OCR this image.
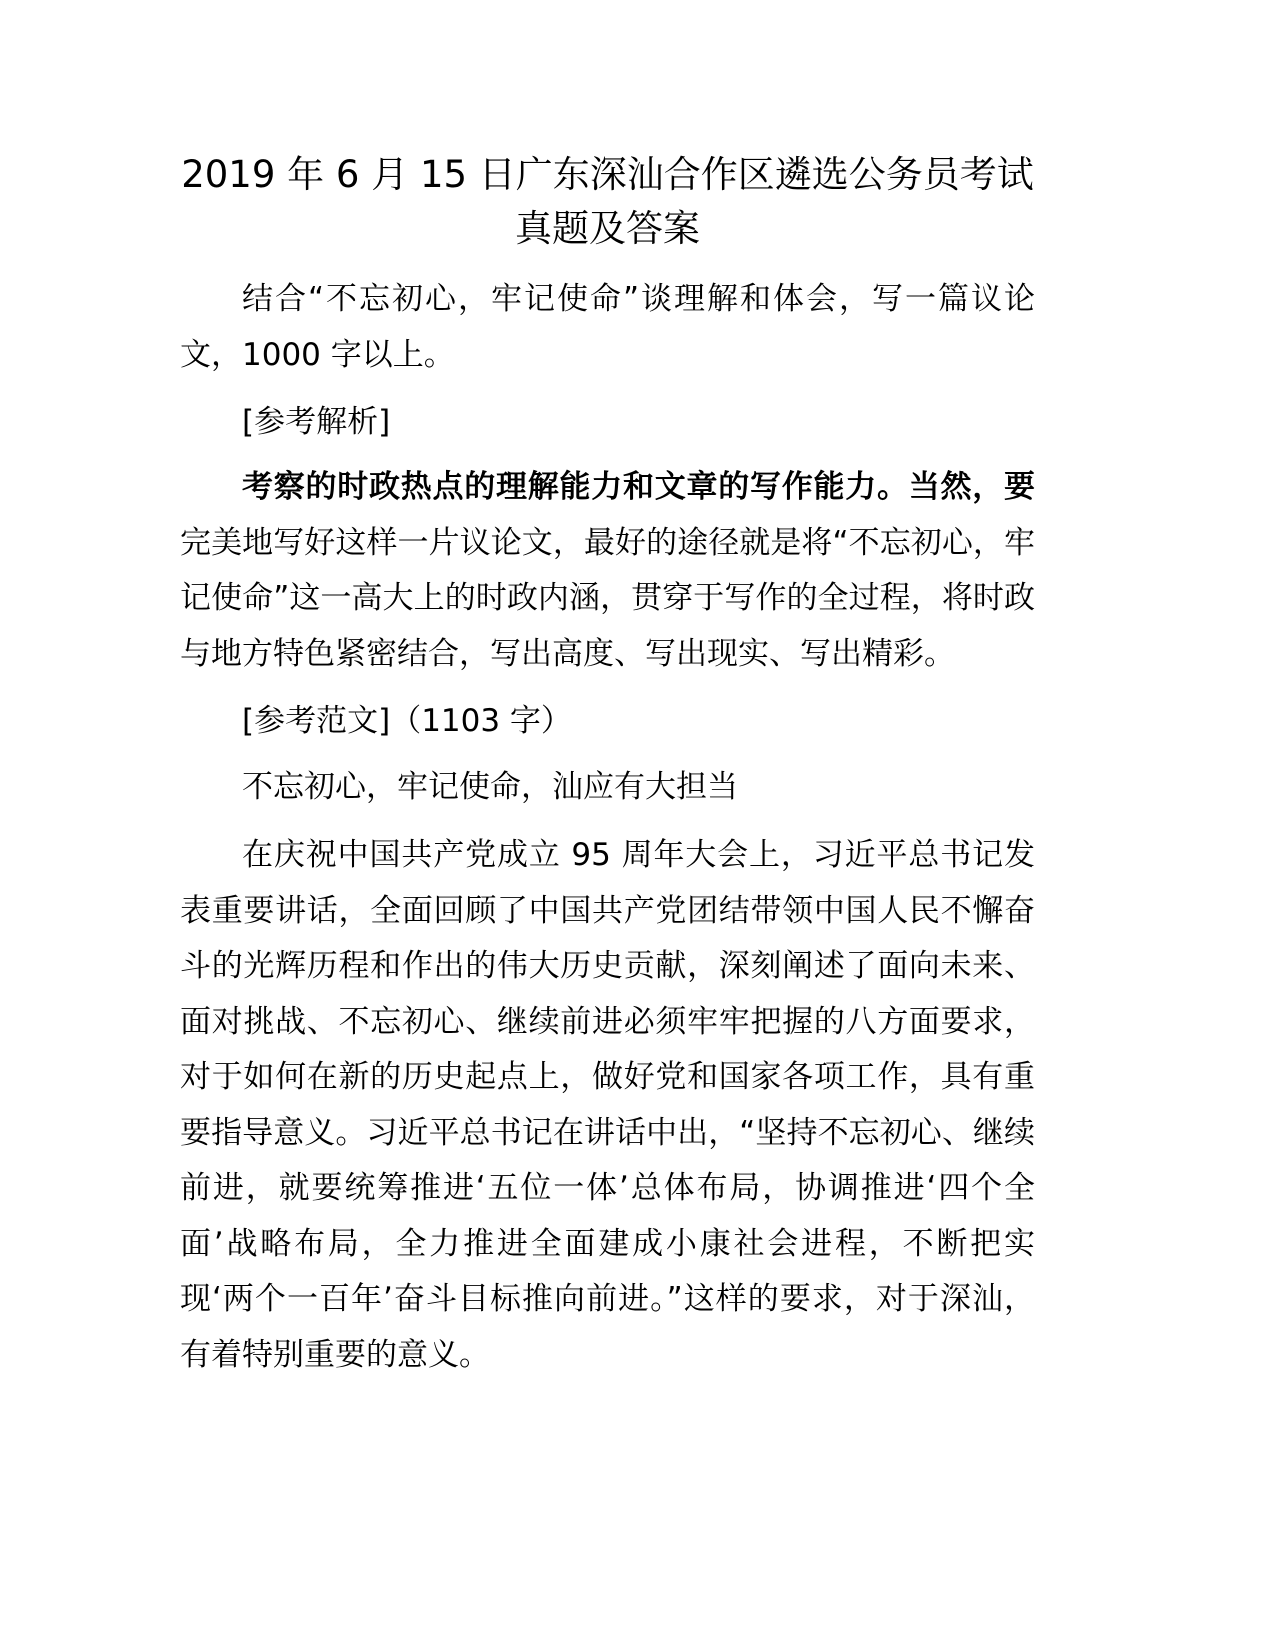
2019 年 6 月 15 日广东深汕合作区遴选公务员考试真题及答案

结合“不忘初心，牢记使命”谈理解和体会，写一篇议论文，1000 字以上。

[参考解析]

考察的时政热点的理解能力和文章的写作能力。当然，要完美地写好这样一片议论文，最好的途径就是将“不忘初心，牢记使命”这一高大上的时政内涵，贯穿于写作的全过程，将时政与地方特色紧密结合，写出高度、写出现实、写出精彩。

[参考范文]（1103 字）

不忘初心，牢记使命，汕应有大担当

在庆祝中国共产党成立 95 周年大会上，习近平总书记发表重要讲话，全面回顾了中国共产党团结带领中国人民不懈奋斗的光辉历程和作出的伟大历史贡献，深刻阐述了面向未来、面对挑战、不忘初心、继续前进必须牢牢把握的八方面要求，对于如何在新的历史起点上，做好党和国家各项工作，具有重要指导意义。习近平总书记在讲话中出，“坚持不忘初心、继续前进，就要统筹推进‘五位一体’总体布局，协调推进‘四个全面’战略布局，全力推进全面建成小康社会进程，不断把实现‘两个一百年’奋斗目标推向前进。”这样的要求，对于深汕，有着特别重要的意义。
